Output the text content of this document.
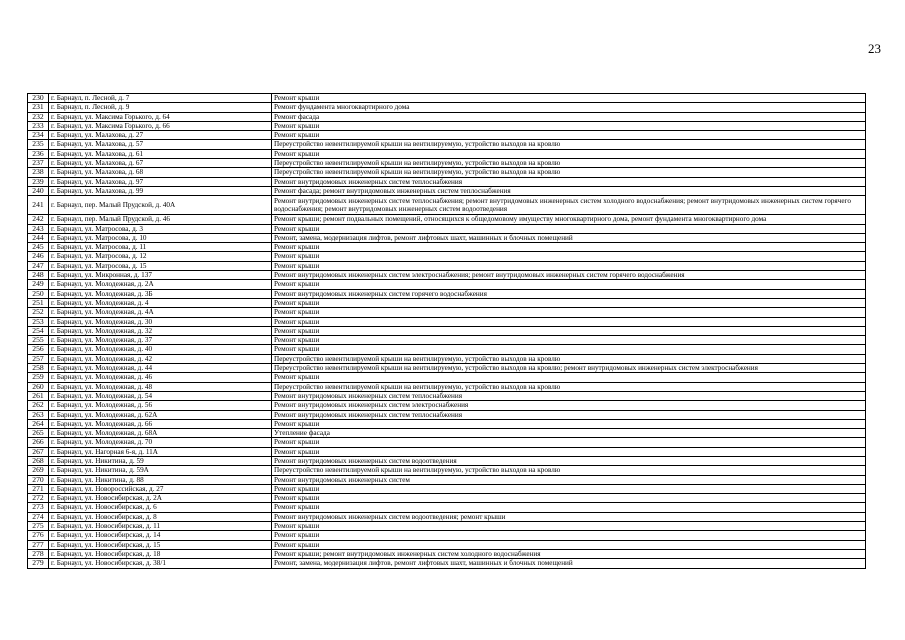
23
230	г. Барнаул, п. Лесной, д. 7	Ремонт крыши
231	г. Барнаул, п. Лесной, д. 9	Ремонт фундамента многоквартирного дома
232	г. Барнаул, ул. Максима Горького, д. 64	Ремонт фасада
233	г. Барнаул, ул. Максима Горького, д. 66	Ремонт крыши
234	г. Барнаул, ул. Малахова, д. 27	Ремонт крыши
235	г. Барнаул, ул. Малахова, д. 57	Переустройство невентилируемой крыши на вентилируемую, устройство выходов на кровлю
236	г. Барнаул, ул. Малахова, д. 61	Ремонт крыши
237	г. Барнаул, ул. Малахова, д. 67	Переустройство невентилируемой крыши на вентилируемую, устройство выходов на кровлю
238	г. Барнаул, ул. Малахова, д. 68	Переустройство невентилируемой крыши на вентилируемую, устройство выходов на кровлю
239	г. Барнаул, ул. Малахова, д. 97	Ремонт внутридомовых инженерных систем теплоснабжения
240	г. Барнаул, ул. Малахова, д. 99	Ремонт фасада; ремонт внутридомовых инженерных систем теплоснабжения
241	г. Барнаул, пер. Малый Прудской, д. 40А	Ремонт внутридомовых инженерных систем теплоснабжения; ремонт внутридомовых инженерных систем холодного водоснабжения; ремонт внутридомовых инженерных систем горячего водоснабжения; ремонт внутридомовых инженерных систем водоотведения
242	г. Барнаул, пер. Малый Прудской, д. 46	Ремонт крыши; ремонт подвальных помещений, относящихся к общедомовому имуществу многоквартирного дома, ремонт фундамента многоквартирного дома
243	г. Барнаул, ул. Матросова, д. 3	Ремонт крыши
244	г. Барнаул, ул. Матросова, д. 10	Ремонт, замена, модернизация лифтов, ремонт лифтовых шахт, машинных и блочных помещений
245	г. Барнаул, ул. Матросова, д. 11	Ремонт крыши
246	г. Барнаул, ул. Матросова, д. 12	Ремонт крыши
247	г. Барнаул, ул. Матросова, д. 15	Ремонт крыши
248	г. Барнаул, ул. Микронная, д. 137	Ремонт внутридомовых инженерных систем электроснабжения; ремонт внутридомовых инженерных систем горячего водоснабжения
249	г. Барнаул, ул. Молодежная, д. 2А	Ремонт крыши
250	г. Барнаул, ул. Молодежная, д. 3Б	Ремонт внутридомовых инженерных систем горячего водоснабжения
251	г. Барнаул, ул. Молодежная, д. 4	Ремонт крыши
252	г. Барнаул, ул. Молодежная, д. 4А	Ремонт крыши
253	г. Барнаул, ул. Молодежная, д. 30	Ремонт крыши
254	г. Барнаул, ул. Молодежная, д. 32	Ремонт крыши
255	г. Барнаул, ул. Молодежная, д. 37	Ремонт крыши
256	г. Барнаул, ул. Молодежная, д. 40	Ремонт крыши
257	г. Барнаул, ул. Молодежная, д. 42	Переустройство невентилируемой крыши на вентилируемую, устройство выходов на кровлю
258	г. Барнаул, ул. Молодежная, д. 44	Переустройство невентилируемой крыши на вентилируемую, устройство выходов на кровлю; ремонт внутридомовых инженерных систем электроснабжения
259	г. Барнаул, ул. Молодежная, д. 46	Ремонт крыши
260	г. Барнаул, ул. Молодежная, д. 48	Переустройство невентилируемой крыши на вентилируемую, устройство выходов на кровлю
261	г. Барнаул, ул. Молодежная, д. 54	Ремонт внутридомовых инженерных систем теплоснабжения
262	г. Барнаул, ул. Молодежная, д. 56	Ремонт внутридомовых инженерных систем электроснабжения
263	г. Барнаул, ул. Молодежная, д. 62А	Ремонт внутридомовых инженерных систем теплоснабжения
264	г. Барнаул, ул. Молодежная, д. 66	Ремонт крыши
265	г. Барнаул, ул. Молодежная, д. 68А	Утепление фасада
266	г. Барнаул, ул. Молодежная, д. 70	Ремонт крыши
267	г. Барнаул, ул. Нагорная 6-я, д. 11А	Ремонт крыши
268	г. Барнаул, ул. Никитина, д. 59	Ремонт внутридомовых инженерных систем водоотведения
269	г. Барнаул, ул. Никитина, д. 59А	Переустройство невентилируемой крыши на вентилируемую, устройство выходов на кровлю
270	г. Барнаул, ул. Никитина, д. 88	Ремонт внутридомовых инженерных систем
271	г. Барнаул, ул. Новороссийская, д. 27	Ремонт крыши
272	г. Барнаул, ул. Новосибирская, д. 2А	Ремонт крыши
273	г. Барнаул, ул. Новосибирская, д. 6	Ремонт крыши
274	г. Барнаул, ул. Новосибирская, д. 8	Ремонт внутридомовых инженерных систем водоотведения; ремонт крыши
275	г. Барнаул, ул. Новосибирская, д. 11	Ремонт крыши
276	г. Барнаул, ул. Новосибирская, д. 14	Ремонт крыши
277	г. Барнаул, ул. Новосибирская, д. 15	Ремонт крыши
278	г. Барнаул, ул. Новосибирская, д. 18	Ремонт крыши; ремонт внутридомовых инженерных систем холодного водоснабжения
279	г. Барнаул, ул. Новосибирская, д. 38/1	Ремонт, замена, модернизация лифтов, ремонт лифтовых шахт, машинных и блочных помещений
